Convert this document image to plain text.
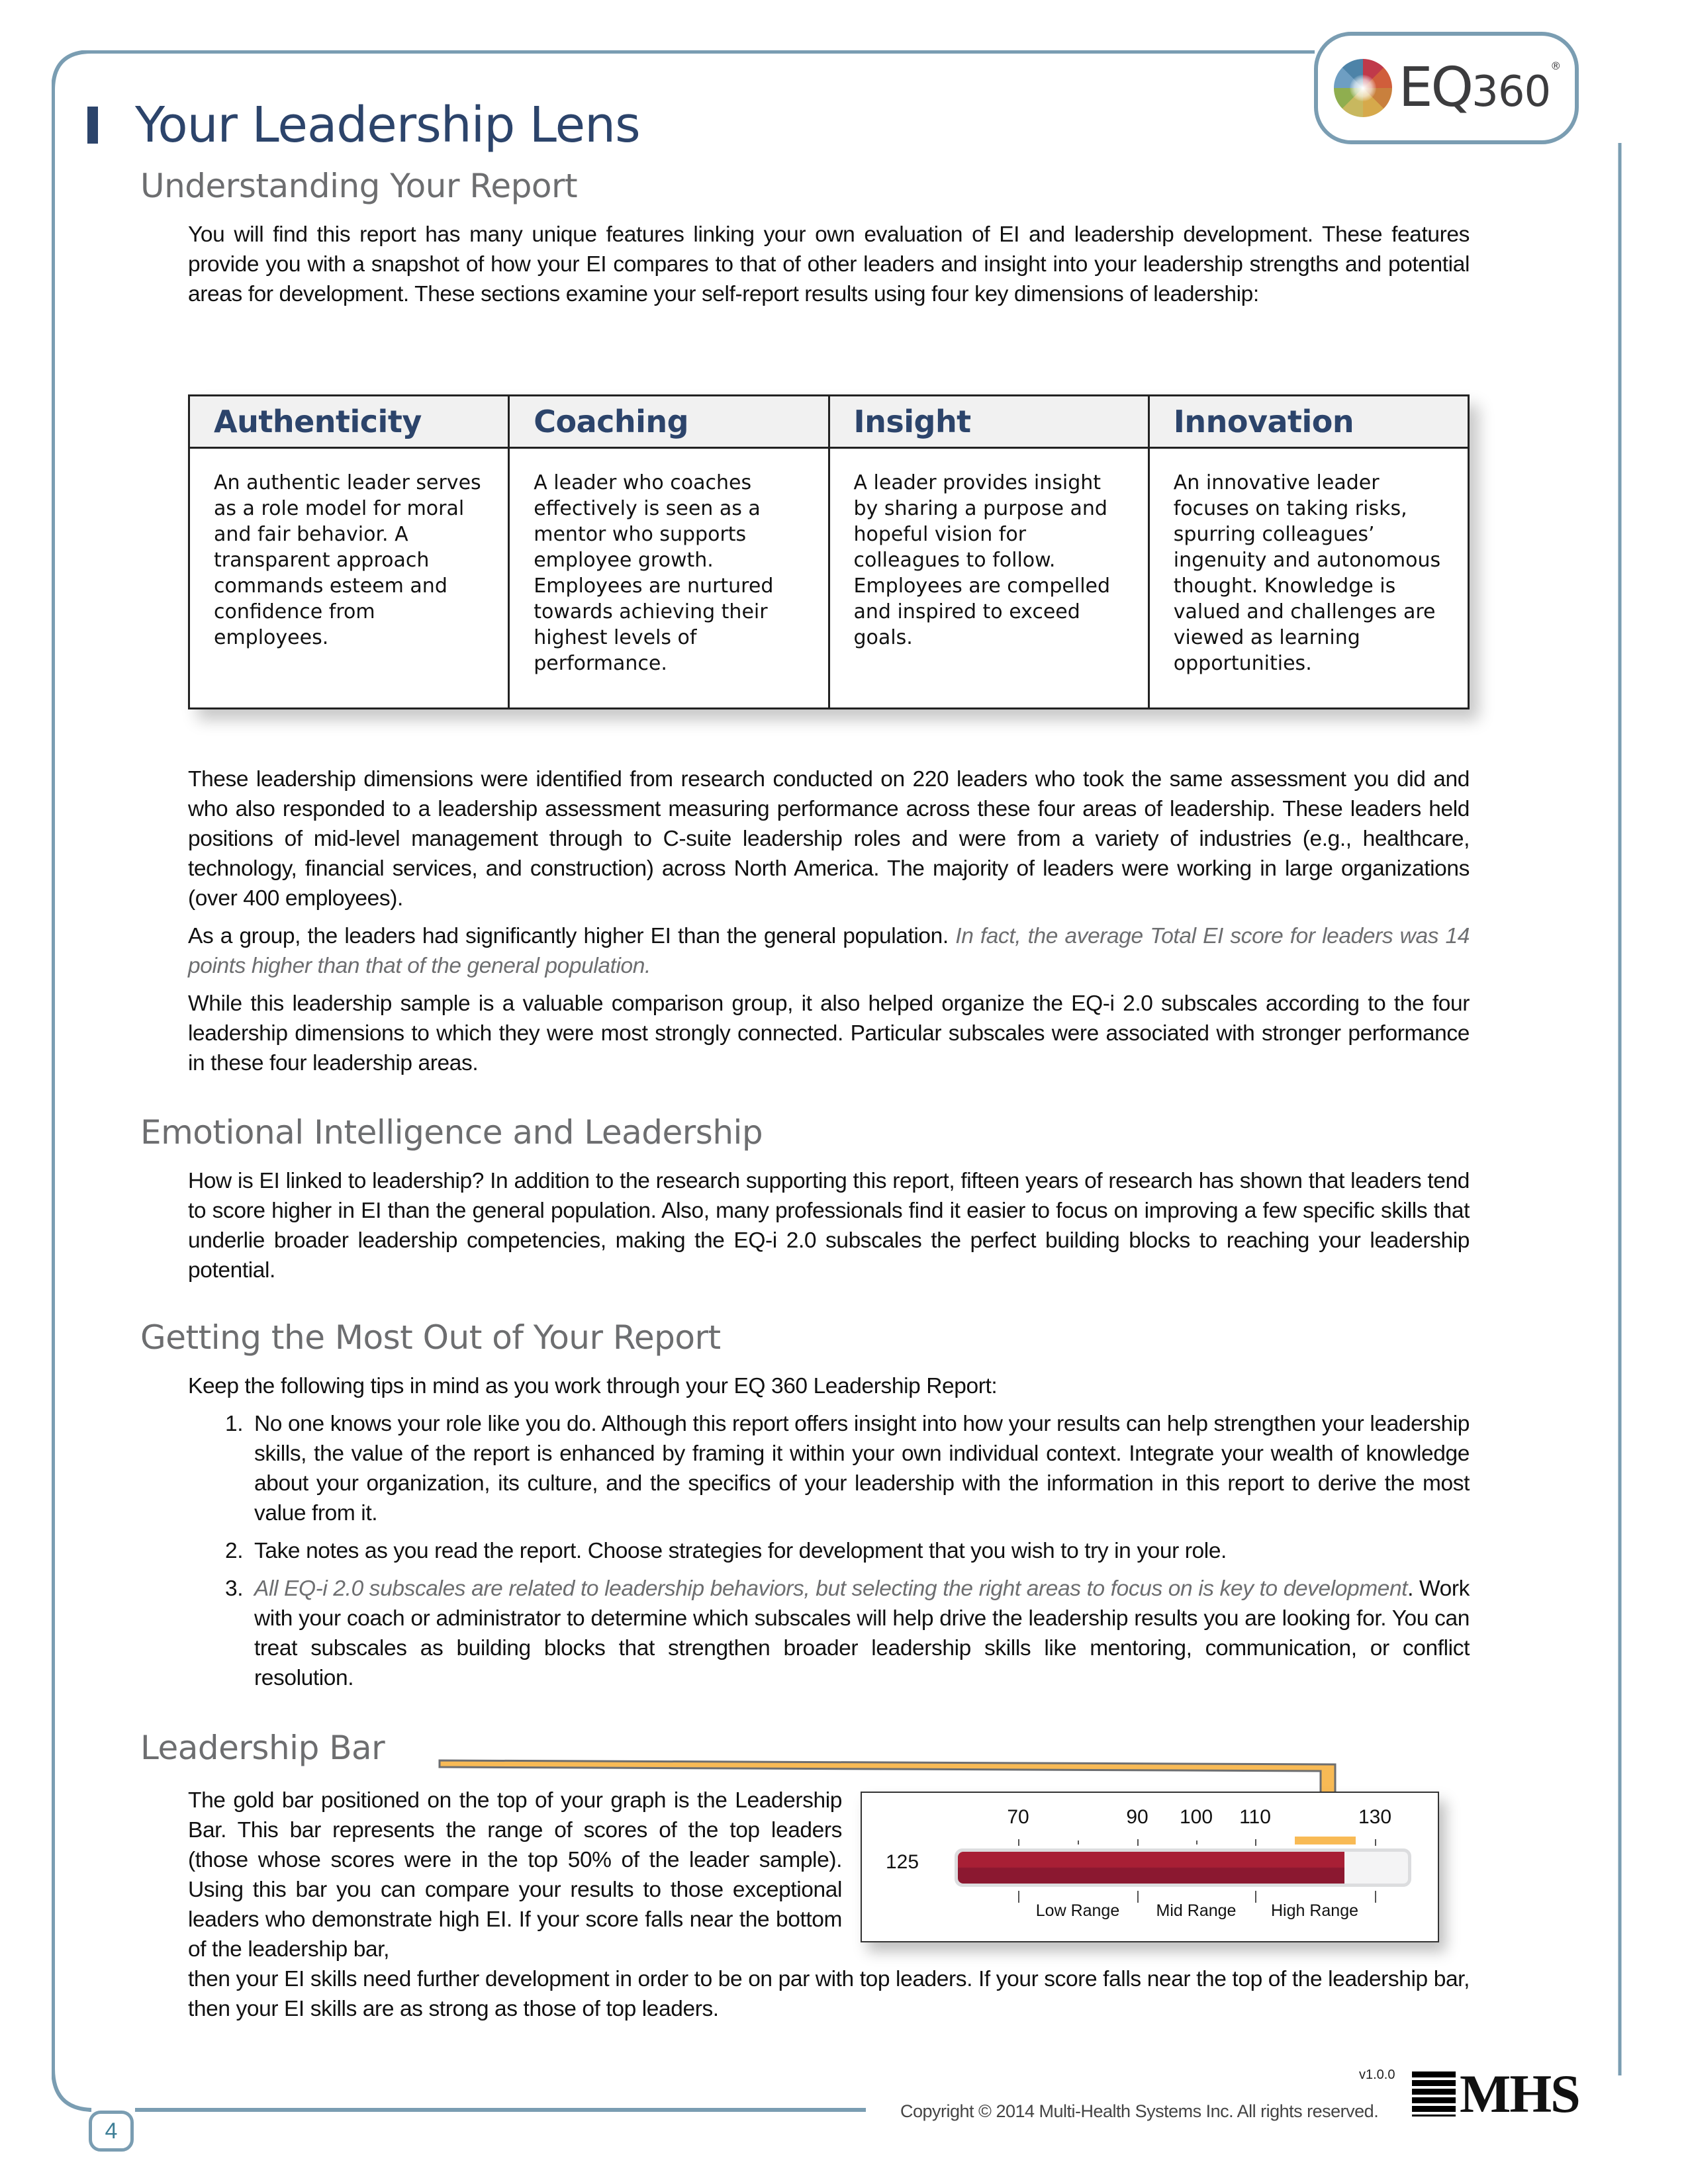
EQ360®
Your Leadership Lens
Understanding Your Report

You will find this report has many unique features linking your own evaluation of EI and leadership development. These features provide you with a snapshot of how your EI compares to that of other leaders and insight into your leadership strengths and potential areas for development. These sections examine your self-report results using four key dimensions of leadership:

Authenticity	Coaching	Insight	Innovation
An authentic leader serves as a role model for moral and fair behavior. A transparent approach commands esteem and confidence from employees.	A leader who coaches effectively is seen as a mentor who supports employee growth. Employees are nurtured towards achieving their highest levels of performance.	A leader provides insight by sharing a purpose and hopeful vision for colleagues to follow. Employees are compelled and inspired to exceed goals.	An innovative leader focuses on taking risks, spurring colleagues’ ingenuity and autonomous thought. Knowledge is valued and challenges are viewed as learning opportunities.

These leadership dimensions were identified from research conducted on 220 leaders who took the same assessment you did and who also responded to a leadership assessment measuring performance across these four areas of leadership. These leaders held positions of mid-level management through to C-suite leadership roles and were from a variety of industries (e.g., healthcare, technology, financial services, and construction) across North America. The majority of leaders were working in large organizations (over 400 employees).

As a group, the leaders had significantly higher EI than the general population. In fact, the average Total EI score for leaders was 14 points higher than that of the general population.

While this leadership sample is a valuable comparison group, it also helped organize the EQ-i 2.0 subscales according to the four leadership dimensions to which they were most strongly connected. Particular subscales were associated with stronger performance in these four leadership areas.

Emotional Intelligence and Leadership

How is EI linked to leadership? In addition to the research supporting this report, fifteen years of research has shown that leaders tend to score higher in EI than the general population. Also, many professionals find it easier to focus on improving a few specific skills that underlie broader leadership competencies, making the EQ-i 2.0 subscales the perfect building blocks to reaching your leadership potential.

Getting the Most Out of Your Report

Keep the following tips in mind as you work through your EQ 360 Leadership Report:

1. No one knows your role like you do. Although this report offers insight into how your results can help strengthen your leadership skills, the value of the report is enhanced by framing it within your own individual context. Integrate your wealth of knowledge about your organization, its culture, and the specifics of your leadership with the information in this report to derive the most value from it.
2. Take notes as you read the report. Choose strategies for development that you wish to try in your role.
3. All EQ-i 2.0 subscales are related to leadership behaviors, but selecting the right areas to focus on is key to development. Work with your coach or administrator to determine which subscales will help drive the leadership results you are looking for. You can treat subscales as building blocks that strengthen broader leadership skills like mentoring, communication, or conflict resolution.
Leadership Bar

The gold bar positioned on the top of your graph is the Leadership Bar. This bar represents the range of scores of the top leaders (those whose scores were in the top 50% of the leader sample). Using this bar you can compare your results to those exceptional leaders who demonstrate high EI. If your score falls near the bottom of the leadership bar,

then your EI skills need further development in order to be on par with top leaders. If your score falls near the top of the leadership bar, then your EI skills are as strong as those of top leaders.

125
70	90 100 110	130
Low Range Mid Range High Range
4
v1.0.0
Copyright © 2014 Multi-Health Systems Inc. All rights reserved. MHS
